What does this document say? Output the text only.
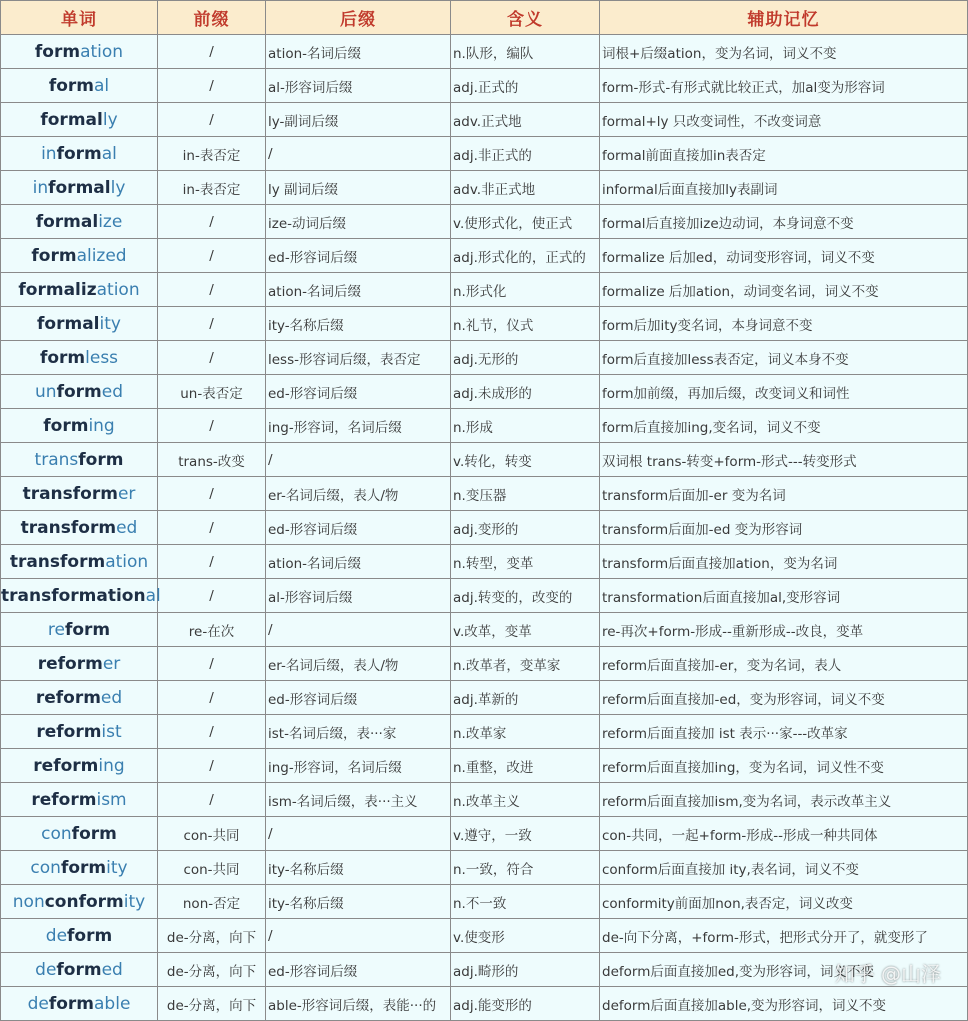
单词	前缀	后缀	含义	辅助记忆
formation	/	ation-名词后缀	n.队形，编队	词根+后缀ation，变为名词，词义不变
formal	/	al-形容词后缀	adj.正式的	form-形式-有形式就比较正式，加al变为形容词
formally	/	ly-副词后缀	adv.正式地	formal+ly 只改变词性，不改变词意
informal	in-表否定	/	adj.非正式的	formal前面直接加in表否定
informally	in-表否定	ly 副词后缀	adv.非正式地	informal后面直接加ly表副词
formalize	/	ize-动词后缀	v.使形式化，使正式	formal后直接加ize边动词，本身词意不变
formalized	/	ed-形容词后缀	adj.形式化的，正式的	formalize 后加ed，动词变形容词，词义不变
formalization	/	ation-名词后缀	n.形式化	formalize 后加ation，动词变名词，词义不变
formality	/	ity-名称后缀	n.礼节，仪式	form后加ity变名词，本身词意不变
formless	/	less-形容词后缀，表否定	adj.无形的	form后直接加less表否定，词义本身不变
unformed	un-表否定	ed-形容词后缀	adj.未成形的	form加前缀，再加后缀，改变词义和词性
forming	/	ing-形容词，名词后缀	n.形成	form后直接加ing,变名词，词义不变
transform	trans-改变	/	v.转化，转变	双词根 trans-转变+form-形式---转变形式
transformer	/	er-名词后缀，表人/物	n.变压器	transform后面加-er 变为名词
transformed	/	ed-形容词后缀	adj.变形的	transform后面加-ed 变为形容词
transformation	/	ation-名词后缀	n.转型，变革	transform后面直接加ation，变为名词
transformational	/	al-形容词后缀	adj.转变的，改变的	transformation后面直接加al,变形容词
reform	re-在次	/	v.改革，变革	re-再次+form-形成--重新形成--改良，变革
reformer	/	er-名词后缀，表人/物	n.改革者，变革家	reform后面直接加-er，变为名词，表人
reformed	/	ed-形容词后缀	adj.革新的	reform后面直接加-ed，变为形容词，词义不变
reformist	/	ist-名词后缀，表···家	n.改革家	reform后面直接加 ist 表示···家---改革家
reforming	/	ing-形容词，名词后缀	n.重整，改进	reform后面直接加ing，变为名词，词义性不变
reformism	/	ism-名词后缀，表···主义	n.改革主义	reform后面直接加ism,变为名词，表示改革主义
conform	con-共同	/	v.遵守，一致	con-共同，一起+form-形成--形成一种共同体
conformity	con-共同	ity-名称后缀	n.一致，符合	conform后面直接加 ity,表名词，词义不变
nonconformity	non-否定	ity-名称后缀	n.不一致	conformity前面加non,表否定，词义改变
deform	de-分离，向下	/	v.使变形	de-向下分离，+form-形式，把形式分开了，就变形了
deformed	de-分离，向下	ed-形容词后缀	adj.畸形的	deform后面直接加ed,变为形容词，词义不变
deformable	de-分离，向下	able-形容词后缀，表能···的	adj.能变形的	deform后面直接加able,变为形容词，词义不变
知乎 @山泽
